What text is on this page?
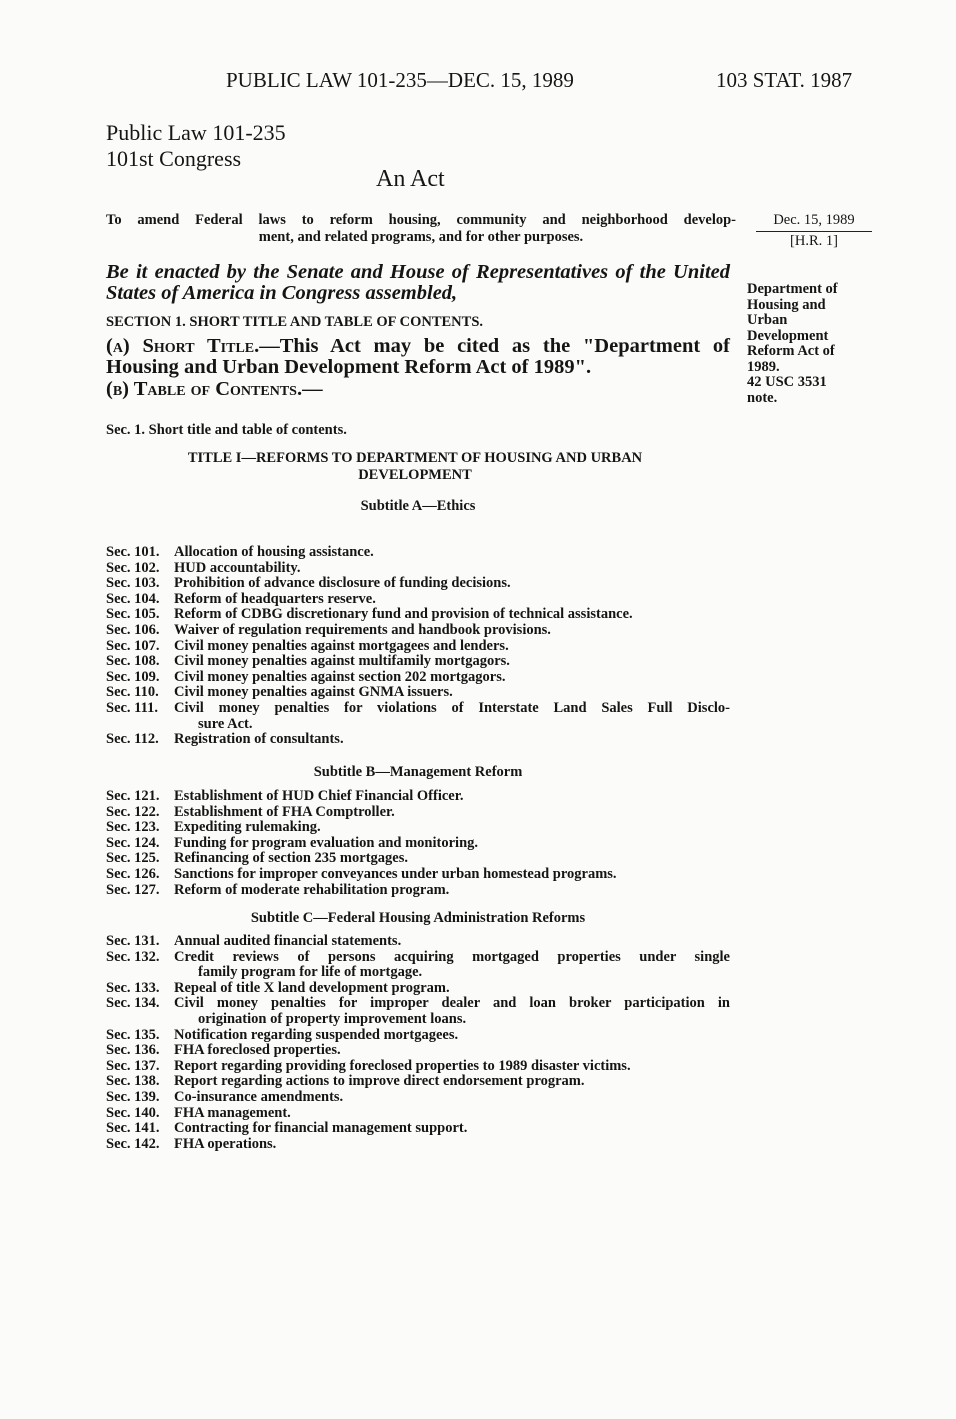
PUBLIC LAW 101-235—DEC. 15, 1989	103 STAT. 1987
Public Law 101-235
101st Congress
An Act
To amend Federal laws to reform housing, community and neighborhood develop-
ment, and related programs, and for other purposes.
Dec. 15, 1989
[H.R. 1]
Be it enacted by the Senate and House of Representatives of the United States of America in Congress assembled,
SECTION 1. SHORT TITLE AND TABLE OF CONTENTS.
(a) Short Title.—This Act may be cited as the "Department of Housing and Urban Development Reform Act of 1989".
(b) Table of Contents.—
Department of
Housing and
Urban
Development
Reform Act of
1989.
42 USC 3531
note.
Sec. 1. Short title and table of contents.
TITLE I—REFORMS TO DEPARTMENT OF HOUSING AND URBAN DEVELOPMENT
Subtitle A—Ethics
Sec. 101. Allocation of housing assistance.
Sec. 102. HUD accountability.
Sec. 103. Prohibition of advance disclosure of funding decisions.
Sec. 104. Reform of headquarters reserve.
Sec. 105. Reform of CDBG discretionary fund and provision of technical assistance.
Sec. 106. Waiver of regulation requirements and handbook provisions.
Sec. 107. Civil money penalties against mortgagees and lenders.
Sec. 108. Civil money penalties against multifamily mortgagors.
Sec. 109. Civil money penalties against section 202 mortgagors.
Sec. 110.	Civil money penalties against GNMA issuers.
Sec. 111.	Civil money penalties for violations of Interstate Land Sales Full Disclo-
sure Act.
Sec. 112.	Registration of consultants.
Subtitle B—Management Reform
Sec. 121. Establishment of HUD Chief Financial Officer.
Sec. 122. Establishment of FHA Comptroller.
Sec. 123. Expediting rulemaking.
Sec. 124. Funding for program evaluation and monitoring.
Sec. 125. Refinancing of section 235 mortgages.
Sec. 126. Sanctions for improper conveyances under urban homestead programs.
Sec. 127. Reform of moderate rehabilitation program.
Subtitle C—Federal Housing Administration Reforms
Sec. 131. Annual audited financial statements.
Sec. 132. Credit reviews of persons acquiring mortgaged properties under single
family program for life of mortgage.
Sec. 133. Repeal of title X land development program.
Sec. 134. Civil money penalties for improper dealer and loan broker participation in
origination of property improvement loans.
Sec. 135. Notification regarding suspended mortgagees.
Sec. 136. FHA foreclosed properties.
Sec. 137. Report regarding providing foreclosed properties to 1989 disaster victims.
Sec. 138. Report regarding actions to improve direct endorsement program.
Sec. 139. Co-insurance amendments.
Sec. 140. FHA management.
Sec. 141. Contracting for financial management support.
Sec. 142. FHA operations.
